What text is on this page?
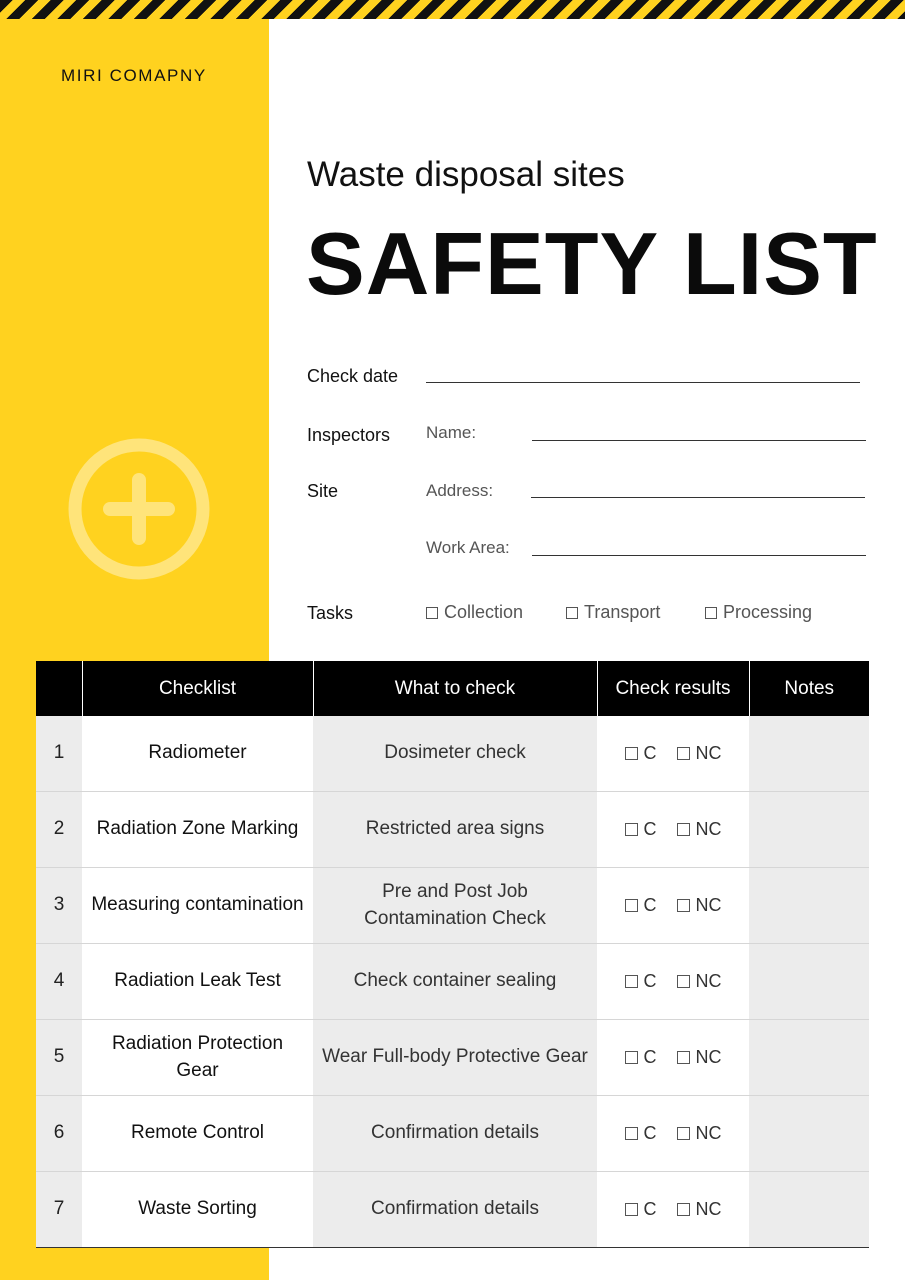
MIRI COMAPNY
Waste disposal sites
SAFETY LIST
Check date
Inspectors Name:
Site	Address:
Work Area:
Tasks	Collection	Transport	Processing
	Checklist	What to check	Check results	Notes
1	Radiometer	Dosimeter check	C NC	

2	Radiation Zone Marking	Restricted area signs	C NC	

3	Measuring contamination	Pre and Post Job Contamination Check	C NC	

4	Radiation Leak Test	Check container sealing	C NC	

5	Radiation Protection Gear	Wear Full-body Protective Gear	C NC	

6	Remote Control	Confirmation details	C NC	

7	Waste Sorting	Confirmation details	C NC	
